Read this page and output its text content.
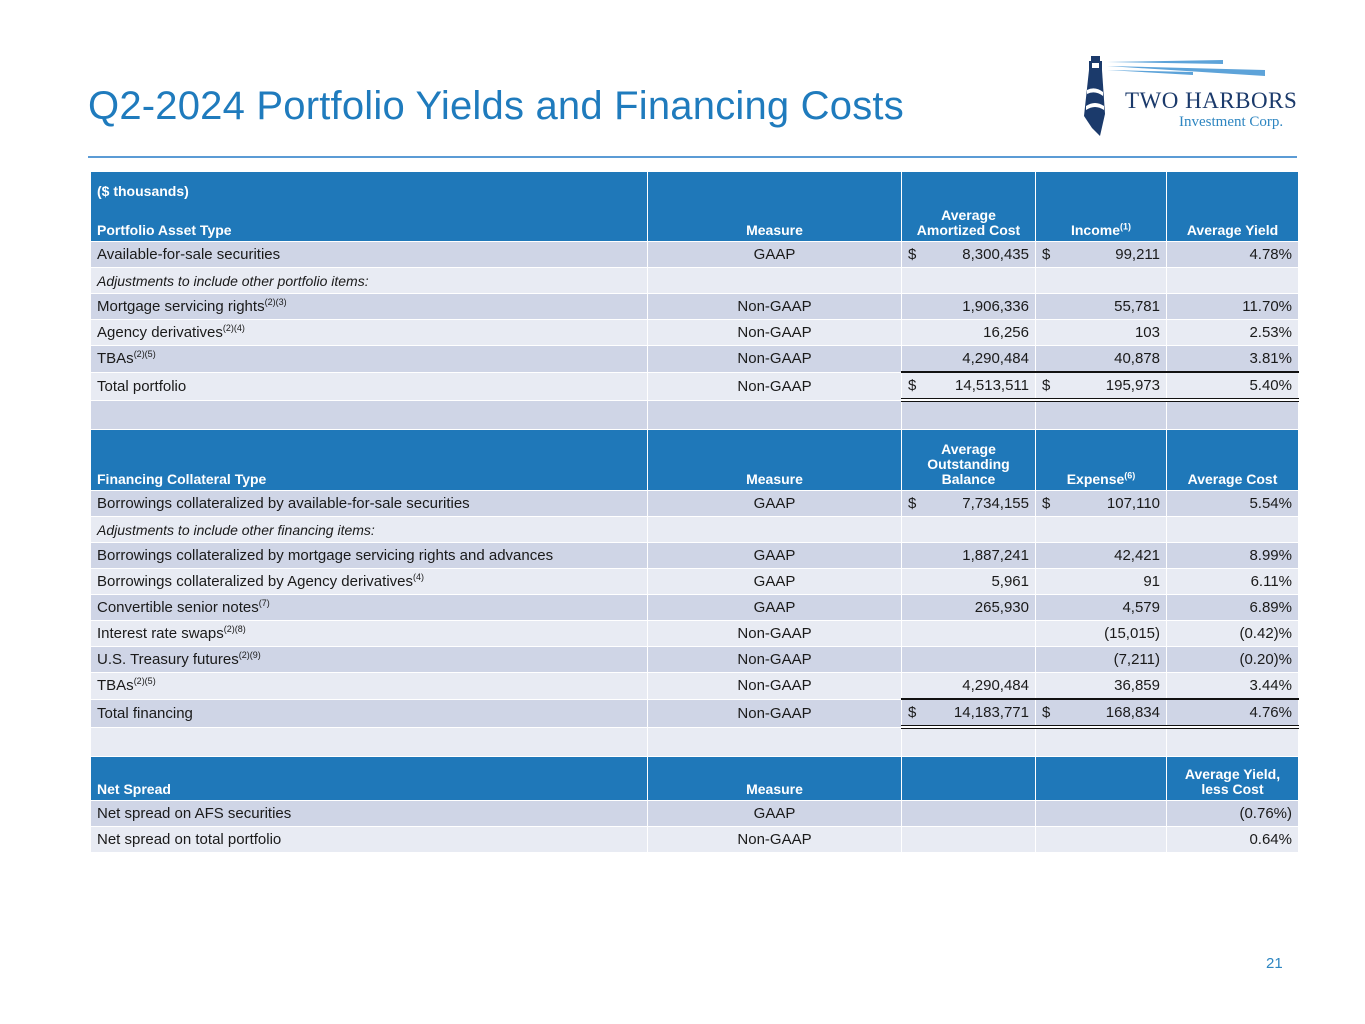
Q2-2024 Portfolio Yields and Financing Costs	TWO HARBORS
Investment Corp.
($ thousands)
Portfolio Asset Type	Measure	Average Amortized Cost	Income$^{(1)}$	Average Yield
Available-for-sale securities	GAAP	$ 8,300,435	$ 99,211	4.78%
Adjustments to include other portfolio items:				
Mortgage servicing rights$^{(2)(3)}$	Non-GAAP	1,906,336	55,781	11.70%
Agency derivatives$^{(2)(4)}$	Non-GAAP	16,256	103	2.53%
TBAs$^{(2)(5)}$	Non-GAAP	4,290,484	40,878	3.81%
Total portfolio	Non-GAAP	$ 14,513,511	$ 195,973	5.40%

Financing Collateral Type	Measure	Average Outstanding Balance	Expense$^{(6)}$	Average Cost
Borrowings collateralized by available-for-sale securities	GAAP	$ 7,734,155	$ 107,110	5.54%
Adjustments to include other financing items:				
Borrowings collateralized by mortgage servicing rights and advances	GAAP	1,887,241	42,421	8.99%
Borrowings collateralized by Agency derivatives$^{(4)}$	GAAP	5,961	91	6.11%
Convertible senior notes$^{(7)}$	GAAP	265,930	4,579	6.89%
Interest rate swaps$^{(2)(8)}$	Non-GAAP		(15,015)	(0.42)%
U.S. Treasury futures$^{(2)(9)}$	Non-GAAP		(7,211)	(0.20)%
TBAs$^{(2)(5)}$	Non-GAAP	4,290,484	36,859	3.44%
Total financing	Non-GAAP	$ 14,183,771	$ 168,834	4.76%

Net Spread	Measure			Average Yield, less Cost
Net spread on AFS securities	GAAP			(0.76%)
Net spread on total portfolio	Non-GAAP			0.64%
21
